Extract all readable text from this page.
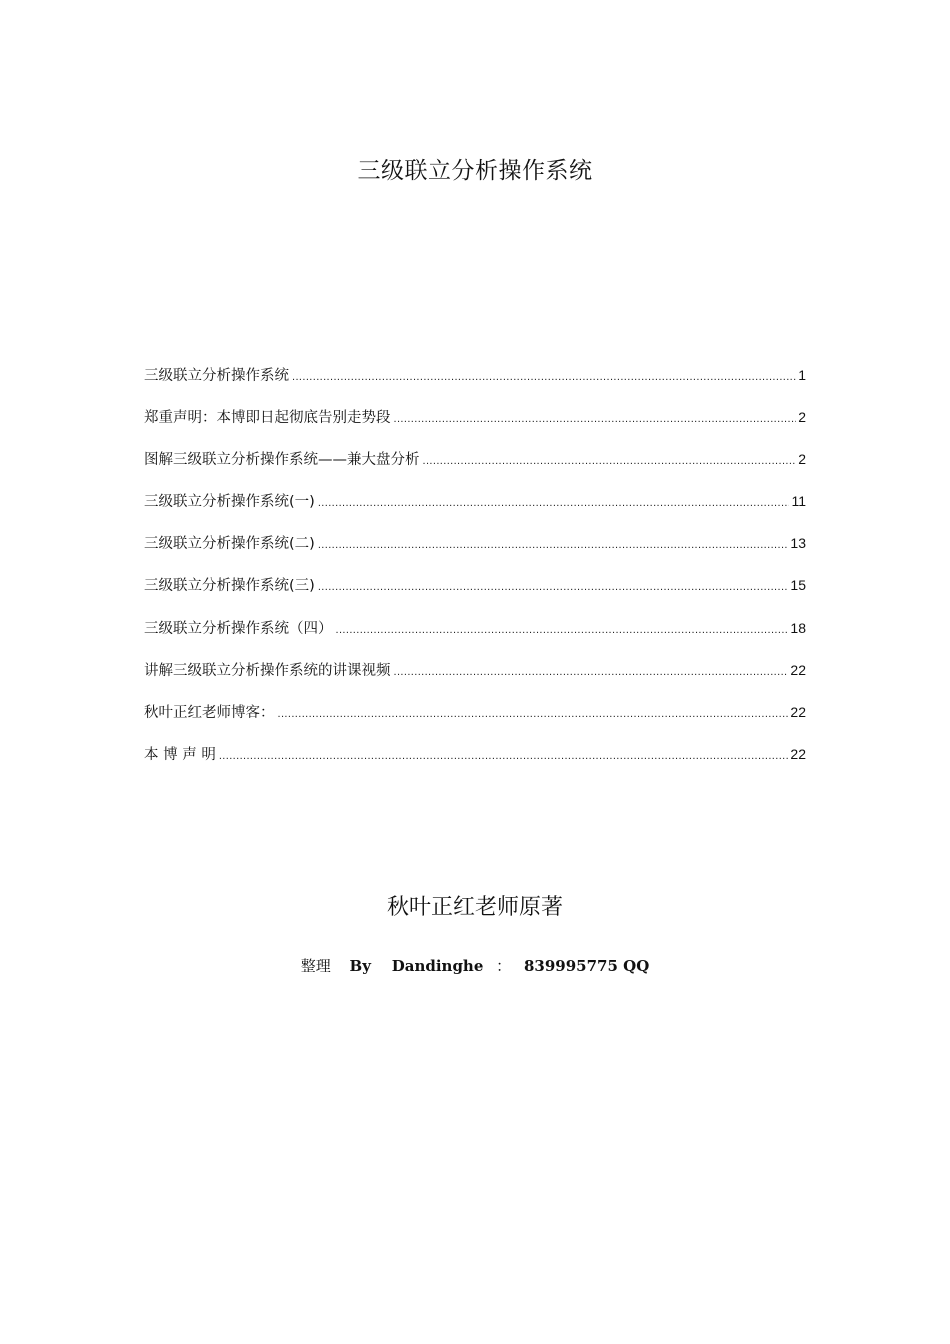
三级联立分析操作系统
三级联立分析操作系统 .....	1
郑重声明：本博即日起彻底告别走势段 .....	2
图解三级联立分析操作系统——兼大盘分析 .....	2
三级联立分析操作系统(一) .....	11
三级联立分析操作系统(二) .....	13
三级联立分析操作系统(三) .....	15
三级联立分析操作系统（四） .....	18
讲解三级联立分析操作系统的讲课视频 .....	22
秋叶正红老师博客： .....	22
本 博 声 明 .....	22
秋叶正红老师原著
整理 By Dandinghe ： 839995775 QQ
